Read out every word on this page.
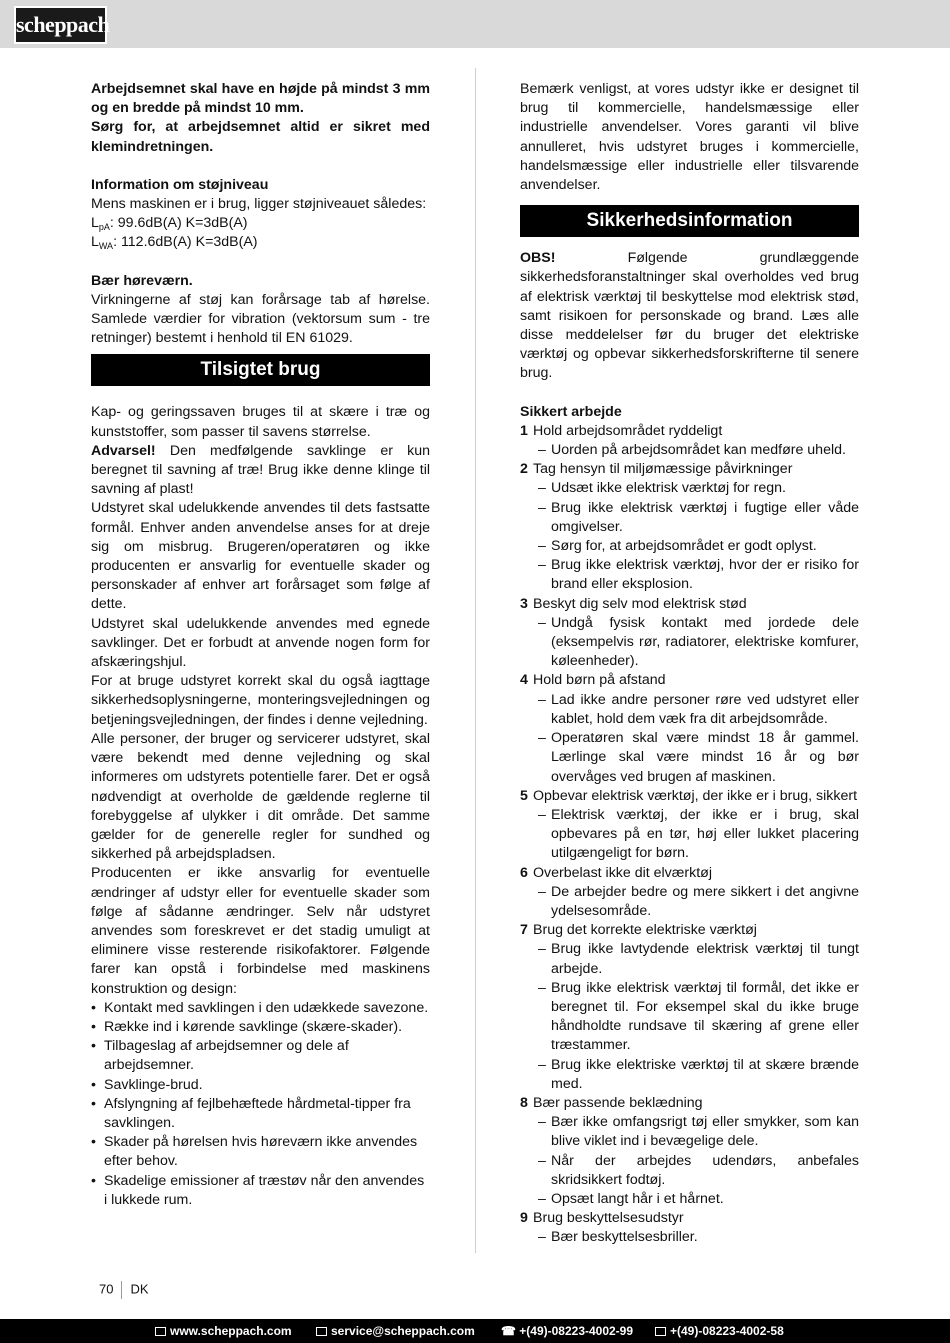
scheppach

Arbejdsemnet skal have en højde på mindst 3 mm og en bredde på mindst 10 mm.

Sørg for, at arbejdsemnet altid er sikret med klemindretningen.

Information om støjniveau

Mens maskinen er i brug, ligger støjniveauet således:

$L_{pA}$: 99.6dB(A) K=3dB(A)

$L_{WA}$: 112.6dB(A) K=3dB(A)

Bær høreværn.

Virkningerne af støj kan forårsage tab af hørelse. Samlede værdier for vibration (vektorsum sum - tre retninger) bestemt i henhold til EN 61029.

Tilsigtet brug

Kap- og geringssaven bruges til at skære i træ og kunststoffer, som passer til savens størrelse.

Advarsel! Den medfølgende savklinge er kun beregnet til savning af træ! Brug ikke denne klinge til savning af plast!

Udstyret skal udelukkende anvendes til dets fastsatte formål. Enhver anden anvendelse anses for at dreje sig om misbrug. Brugeren/operatøren og ikke producenten er ansvarlig for eventuelle skader og personskader af enhver art forårsaget som følge af dette.

Udstyret skal udelukkende anvendes med egnede savklinger. Det er forbudt at anvende nogen form for afskæringshjul.

For at bruge udstyret korrekt skal du også iagttage sikkerhedsoplysningerne, monteringsvejledningen og betjeningsvejledningen, der findes i denne vejledning.

Alle personer, der bruger og servicerer udstyret, skal være bekendt med denne vejledning og skal informeres om udstyrets potentielle farer. Det er også nødvendigt at overholde de gældende reglerne til forebyggelse af ulykker i dit område. Det samme gælder for de generelle regler for sundhed og sikkerhed på arbejdspladsen.

Producenten er ikke ansvarlig for eventuelle ændringer af udstyr eller for eventuelle skader som følge af sådanne ændringer. Selv når udstyret anvendes som foreskrevet er det stadig umuligt at eliminere visse resterende risikofaktorer. Følgende farer kan opstå i forbindelse med maskinens konstruktion og design:

• Kontakt med savklingen i den udækkede savezone.
• Række ind i kørende savklinge (skære-skader).
• Tilbageslag af arbejdsemner og dele af arbejdsemner.
• Savklinge-brud.
• Afslyngning af fejlbehæftede hårdmetal-tipper fra savklingen.
• Skader på hørelsen hvis høreværn ikke anvendes efter behov.
• Skadelige emissioner af træstøv når den anvendes i lukkede rum.

Bemærk venligst, at vores udstyr ikke er designet til brug til kommercielle, handelsmæssige eller industrielle anvendelser. Vores garanti vil blive annulleret, hvis udstyret bruges i kommercielle, handelsmæssige eller industrielle eller tilsvarende anvendelser.

Sikkerhedsinformation

OBS! Følgende grundlæggende sikkerhedsforanstaltninger skal overholdes ved brug af elektrisk værktøj til beskyttelse mod elektrisk stød, samt risikoen for personskade og brand. Læs alle disse meddelelser før du bruger det elektriske værktøj og opbevar sikkerhedsforskrifterne til senere brug.

Sikkert arbejde

1 Hold arbejdsområdet ryddeligt
– Uorden på arbejdsområdet kan medføre uheld.
2 Tag hensyn til miljømæssige påvirkninger
– Udsæt ikke elektrisk værktøj for regn.
– Brug ikke elektrisk værktøj i fugtige eller våde omgivelser.
– Sørg for, at arbejdsområdet er godt oplyst.
– Brug ikke elektrisk værktøj, hvor der er risiko for brand eller eksplosion.
3 Beskyt dig selv mod elektrisk stød
– Undgå fysisk kontakt med jordede dele (eksempelvis rør, radiatorer, elektriske komfurer, køleenheder).
4 Hold børn på afstand
– Lad ikke andre personer røre ved udstyret eller kablet, hold dem væk fra dit arbejdsområde.
– Operatøren skal være mindst 18 år gammel. Lærlinge skal være mindst 16 år og bør overvåges ved brugen af maskinen.
5 Opbevar elektrisk værktøj, der ikke er i brug, sikkert
– Elektrisk værktøj, der ikke er i brug, skal opbevares på en tør, høj eller lukket placering utilgængeligt for børn.
6 Overbelast ikke dit elværktøj
– De arbejder bedre og mere sikkert i det angivne ydelsesområde.
7 Brug det korrekte elektriske værktøj
– Brug ikke lavtydende elektrisk værktøj til tungt arbejde.
– Brug ikke elektrisk værktøj til formål, det ikke er beregnet til. For eksempel skal du ikke bruge håndholdte rundsave til skæring af grene eller træstammer.
– Brug ikke elektriske værktøj til at skære brænde med.
8 Bær passende beklædning
– Bær ikke omfangsrigt tøj eller smykker, som kan blive viklet ind i bevægelige dele.
– Når der arbejdes udendørs, anbefales skridsikkert fodtøj.
– Opsæt langt hår i et hårnet.
9 Brug beskyttelsesudstyr
– Bær beskyttelsesbriller.
70 DK
www.scheppach.com	service@scheppach.com ☎ +(49)-08223-4002-99	+(49)-08223-4002-58
